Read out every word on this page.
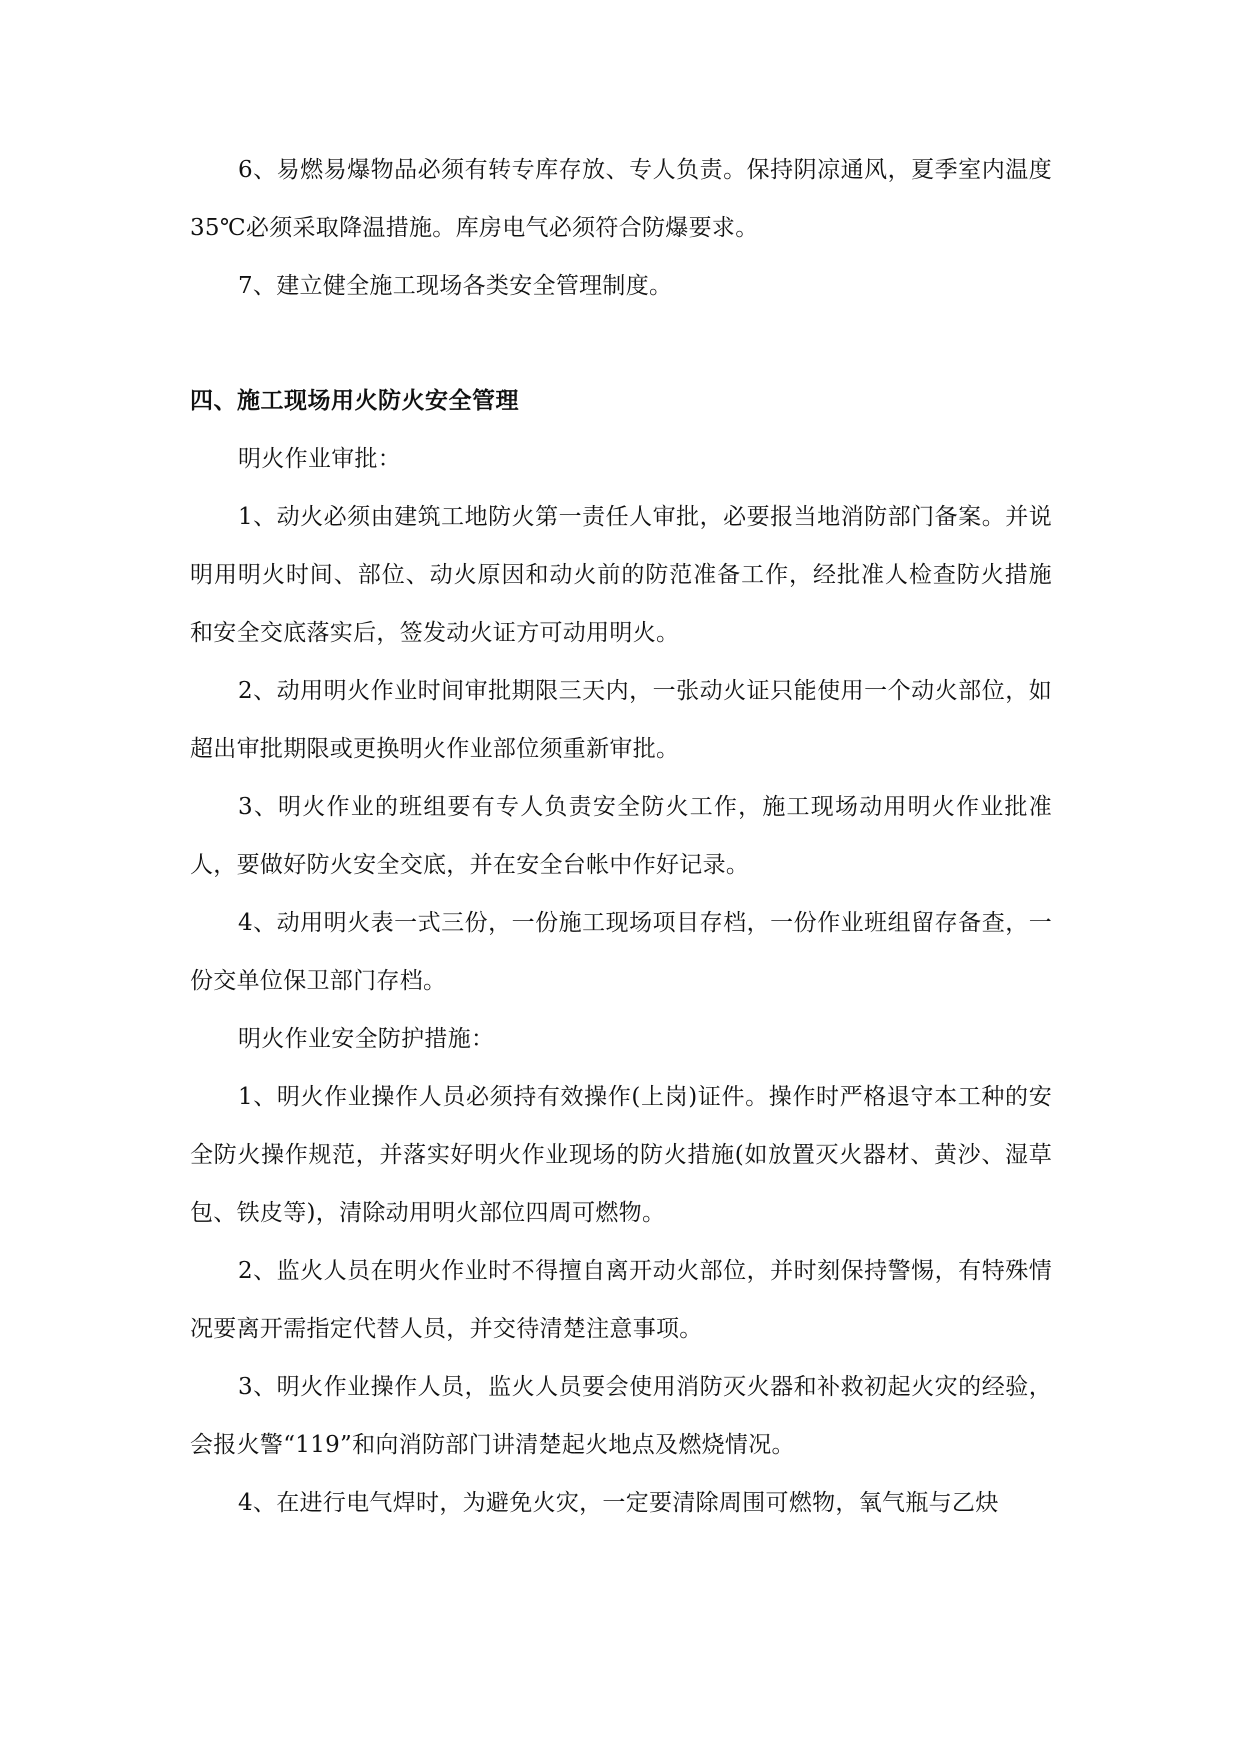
6、易燃易爆物品必须有转专库存放、专人负责。保持阴凉通风，夏季室内温度35℃必须采取降温措施。库房电气必须符合防爆要求。
7、建立健全施工现场各类安全管理制度。
四、施工现场用火防火安全管理
明火作业审批：
1、动火必须由建筑工地防火第一责任人审批，必要报当地消防部门备案。并说明用明火时间、部位、动火原因和动火前的防范准备工作，经批准人检查防火措施和安全交底落实后，签发动火证方可动用明火。
2、动用明火作业时间审批期限三天内，一张动火证只能使用一个动火部位，如超出审批期限或更换明火作业部位须重新审批。
3、明火作业的班组要有专人负责安全防火工作，施工现场动用明火作业批准人，要做好防火安全交底，并在安全台帐中作好记录。
4、动用明火表一式三份，一份施工现场项目存档，一份作业班组留存备查，一份交单位保卫部门存档。
明火作业安全防护措施：
1、明火作业操作人员必须持有效操作(上岗)证件。操作时严格退守本工种的安全防火操作规范，并落实好明火作业现场的防火措施(如放置灭火器材、黄沙、湿草包、铁皮等)，清除动用明火部位四周可燃物。
2、监火人员在明火作业时不得擅自离开动火部位，并时刻保持警惕，有特殊情况要离开需指定代替人员，并交待清楚注意事项。
3、明火作业操作人员，监火人员要会使用消防灭火器和补救初起火灾的经验，会报火警“119”和向消防部门讲清楚起火地点及燃烧情况。
4、在进行电气焊时，为避免火灾，一定要清除周围可燃物，氧气瓶与乙炔
